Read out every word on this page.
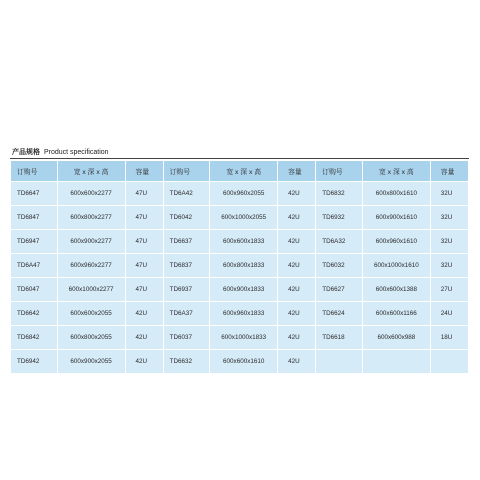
产品规格 Product specification
订购号	宽 x 深 x 高	容量	订购号	宽 x 深 x 高	容量	订购号	宽 x 深 x 高	容量
TD6647	600x600x2277	47U	TD6A42	600x960x2055	42U	TD6832	600x800x1610	32U
TD6847	600x800x2277	47U	TD6042	600x1000x2055	42U	TD6932	600x900x1610	32U
TD6947	600x900x2277	47U	TD6637	600x600x1833	42U	TD6A32	600x960x1610	32U
TD6A47	600x960x2277	47U	TD6837	600x800x1833	42U	TD6032	600x1000x1610	32U
TD6047	600x1000x2277	47U	TD6937	600x900x1833	42U	TD6627	600x600x1388	27U
TD6642	600x600x2055	42U	TD6A37	600x960x1833	42U	TD6624	600x600x1166	24U
TD6842	600x800x2055	42U	TD6037	600x1000x1833	42U	TD6618	600x600x988	18U
TD6942	600x900x2055	42U	TD6632	600x600x1610	42U			
